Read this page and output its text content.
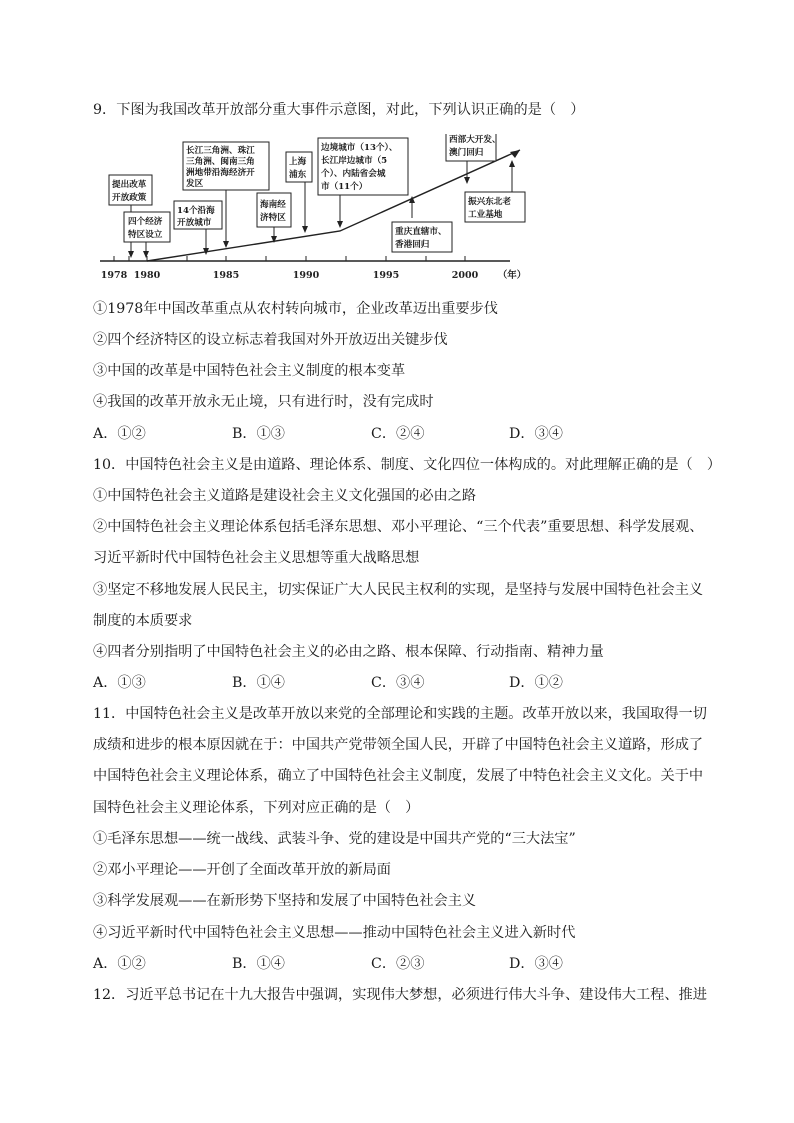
9．下图为我国改革开放部分重大事件示意图，对此，下列认识正确的是（　）
1978 1980	1985	1990	1995	2000 （年）
提出改革
开放政策
四个经济
特区设立
14个沿海
开放城市
长江三角洲、珠江
三角洲、闽南三角
洲地带沿海经济开
发区
海南经
济特区
上海
浦东
边境城市（13个）、
长江岸边城市（5
个）、内陆省会城
市（11个）
重庆直辖市、
香港回归
西部大开发、
澳门回归
振兴东北老
工业基地
①1978年中国改革重点从农村转向城市，企业改革迈出重要步伐
②四个经济特区的设立标志着我国对外开放迈出关键步伐
③中国的改革是中国特色社会主义制度的根本变革
④我国的改革开放永无止境，只有进行时，没有完成时
A．①②	B．①③	C．②④	D．③④
10．中国特色社会主义是由道路、理论体系、制度、文化四位一体构成的。对此理解正确的是（　）
①中国特色社会主义道路是建设社会主义文化强国的必由之路
②中国特色社会主义理论体系包括毛泽东思想、邓小平理论、“三个代表”重要思想、科学发展观、
习近平新时代中国特色社会主义思想等重大战略思想
③坚定不移地发展人民民主，切实保证广大人民民主权利的实现，是坚持与发展中国特色社会主义
制度的本质要求
④四者分别指明了中国特色社会主义的必由之路、根本保障、行动指南、精神力量
A．①③	B．①④	C．③④	D．①②
11．中国特色社会主义是改革开放以来党的全部理论和实践的主题。改革开放以来，我国取得一切
成绩和进步的根本原因就在于：中国共产党带领全国人民，开辟了中国特色社会主义道路，形成了
中国特色社会主义理论体系，确立了中国特色社会主义制度，发展了中特色社会主义文化。关于中
国特色社会主义理论体系，下列对应正确的是（　）
①毛泽东思想——统一战线、武装斗争、党的建设是中国共产党的“三大法宝”
②邓小平理论——开创了全面改革开放的新局面
③科学发展观——在新形势下坚持和发展了中国特色社会主义
④习近平新时代中国特色社会主义思想——推动中国特色社会主义进入新时代
A．①②	B．①④	C．②③	D．③④
12．习近平总书记在十九大报告中强调，实现伟大梦想，必须进行伟大斗争、建设伟大工程、推进
